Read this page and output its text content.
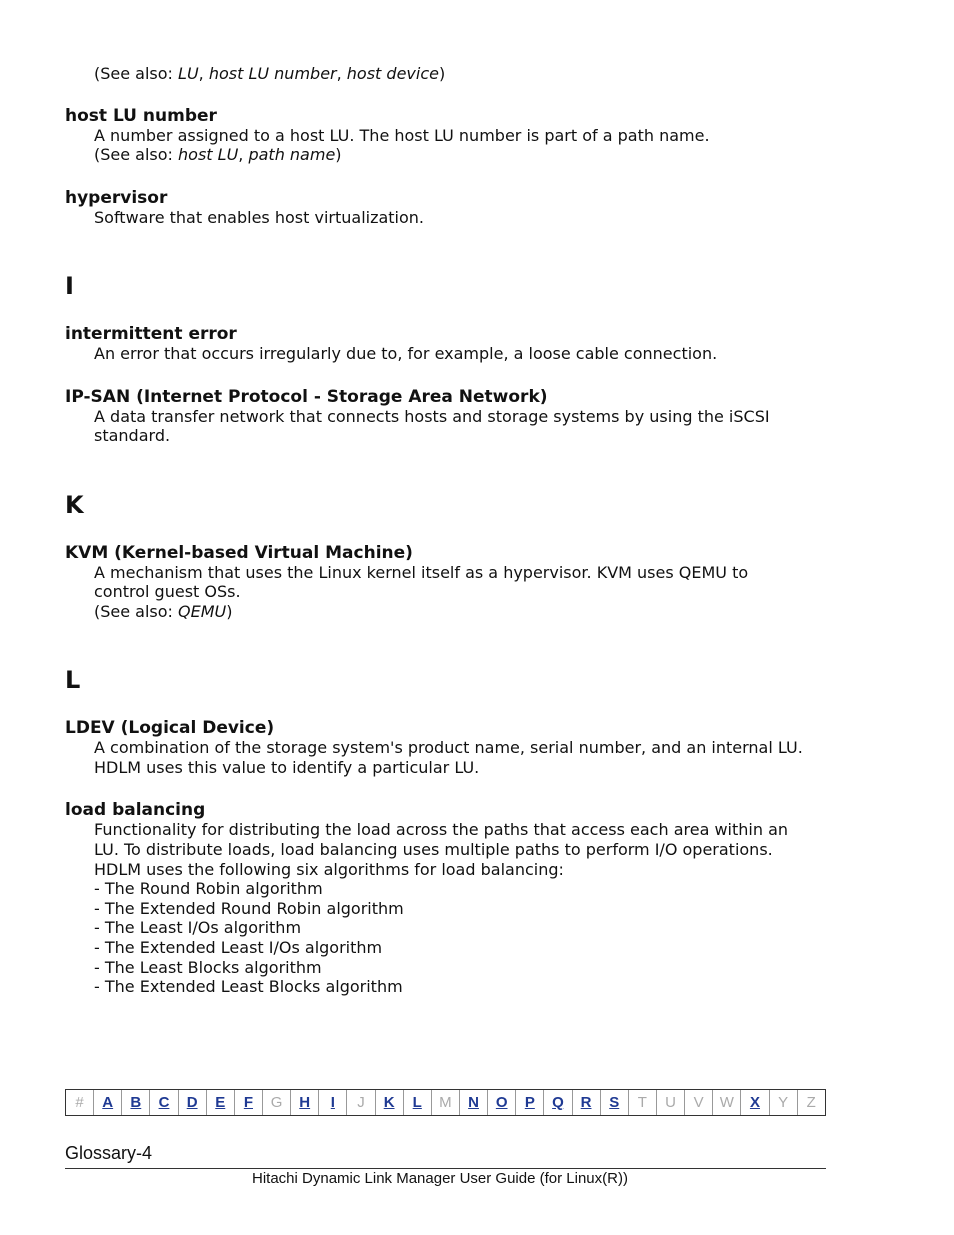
(See also: LU, host LU number, host device)
host LU number
A number assigned to a host LU. The host LU number is part of a path name.
(See also: host LU, path name)
hypervisor
Software that enables host virtualization.
I
intermittent error
An error that occurs irregularly due to, for example, a loose cable connection.
IP-SAN (Internet Protocol - Storage Area Network)
A data transfer network that connects hosts and storage systems by using the iSCSI
standard.
K
KVM (Kernel-based Virtual Machine)
A mechanism that uses the Linux kernel itself as a hypervisor. KVM uses QEMU to
control guest OSs.
(See also: QEMU)
L
LDEV (Logical Device)
A combination of the storage system's product name, serial number, and an internal LU.
HDLM uses this value to identify a particular LU.
load balancing
Functionality for distributing the load across the paths that access each area within an
LU. To distribute loads, load balancing uses multiple paths to perform I/O operations.
HDLM uses the following six algorithms for load balancing:
- The Round Robin algorithm
- The Extended Round Robin algorithm
- The Least I/Os algorithm
- The Extended Least I/Os algorithm
- The Least Blocks algorithm
- The Extended Least Blocks algorithm
#	A	B	C	D	E	F	G	H	I	J	K	L	M	N	O	P	Q	R	S	T	U	V	W	X	Y	Z
Glossary-4
Hitachi Dynamic Link Manager User Guide (for Linux(R))
